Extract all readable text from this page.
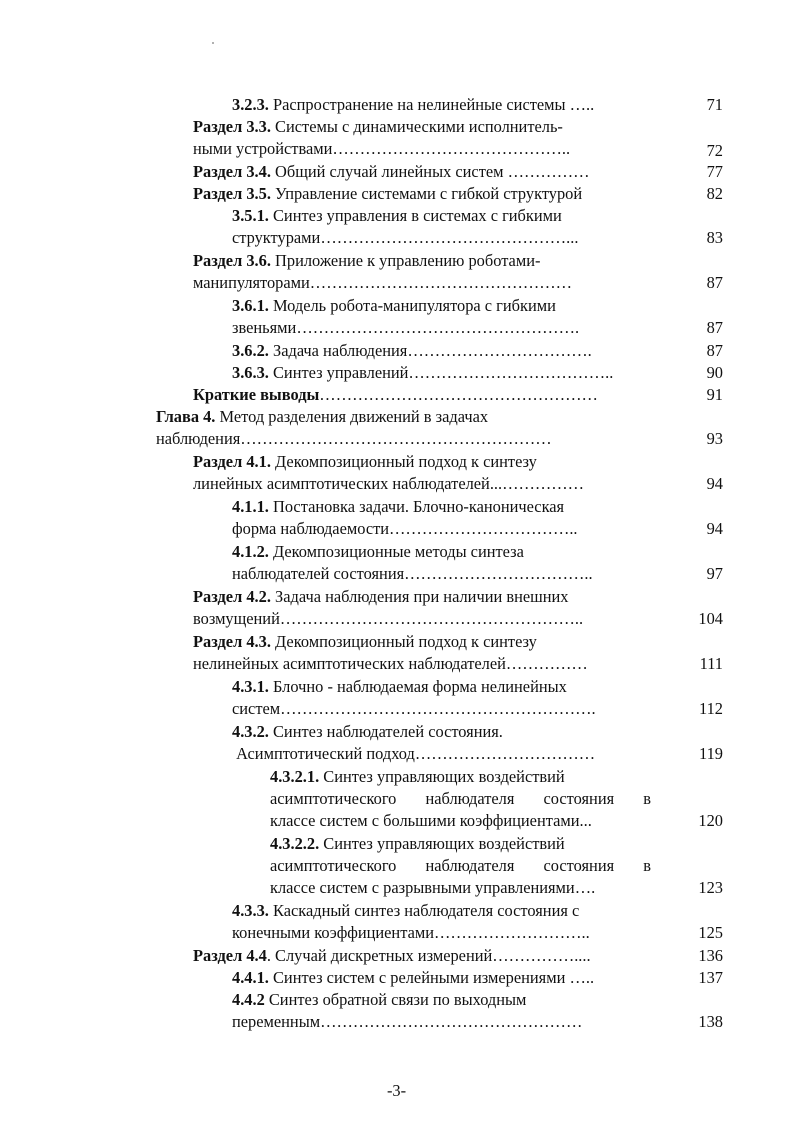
3.2.3. Распространение на нелинейные системы …..	71
Раздел 3.3. Системы с динамическими исполнитель-
ными устройствами……………………………………..	72
Раздел 3.4. Общий случай линейных систем ……………	77
Раздел 3.5. Управление системами с гибкой структурой	82
3.5.1. Синтез управления в системах с гибкими
структурами………………………………………...	83
Раздел 3.6. Приложение к управлению роботами-
манипуляторами…………………………………………	87
3.6.1. Модель робота-манипулятора с гибкими
звеньями…………………………………………….	87
3.6.2. Задача наблюдения…………………………….	87
3.6.3. Синтез управлений………………………………..	90
Краткие выводы……………………………………………	91
Глава 4. Метод разделения движений в задачах
наблюдения…………………………………………………	93
Раздел 4.1. Декомпозиционный подход к синтезу
линейных асимптотических наблюдателей...……………	94
4.1.1. Постановка задачи. Блочно-каноническая
форма наблюдаемости……………………………..	94
4.1.2. Декомпозиционные методы синтеза
наблюдателей состояния……………………………..	97
Раздел 4.2. Задача наблюдения при наличии внешних
возмущений………………………………………………..	104
Раздел 4.3. Декомпозиционный подход к синтезу
нелинейных асимптотических наблюдателей……………	111
4.3.1. Блочно - наблюдаемая форма нелинейных
систем………………………………………………….	112
4.3.2. Синтез наблюдателей состояния.
Асимптотический подход……………………………	119
4.3.2.1. Синтез управляющих воздействий
асимптотического наблюдателя состояния в
классе систем с большими коэффициентами...	120
4.3.2.2. Синтез управляющих воздействий
асимптотического наблюдателя состояния в
классе систем с разрывными управлениями….	123
4.3.3. Каскадный синтез наблюдателя состояния с
конечными коэффициентами………………………..	125
Раздел 4.4. Случай дискретных измерений……………....	136
4.4.1. Синтез систем с релейными измерениями …..	137
4.4.2 Синтез обратной связи по выходным
переменным…………………………………………	138
-3-
